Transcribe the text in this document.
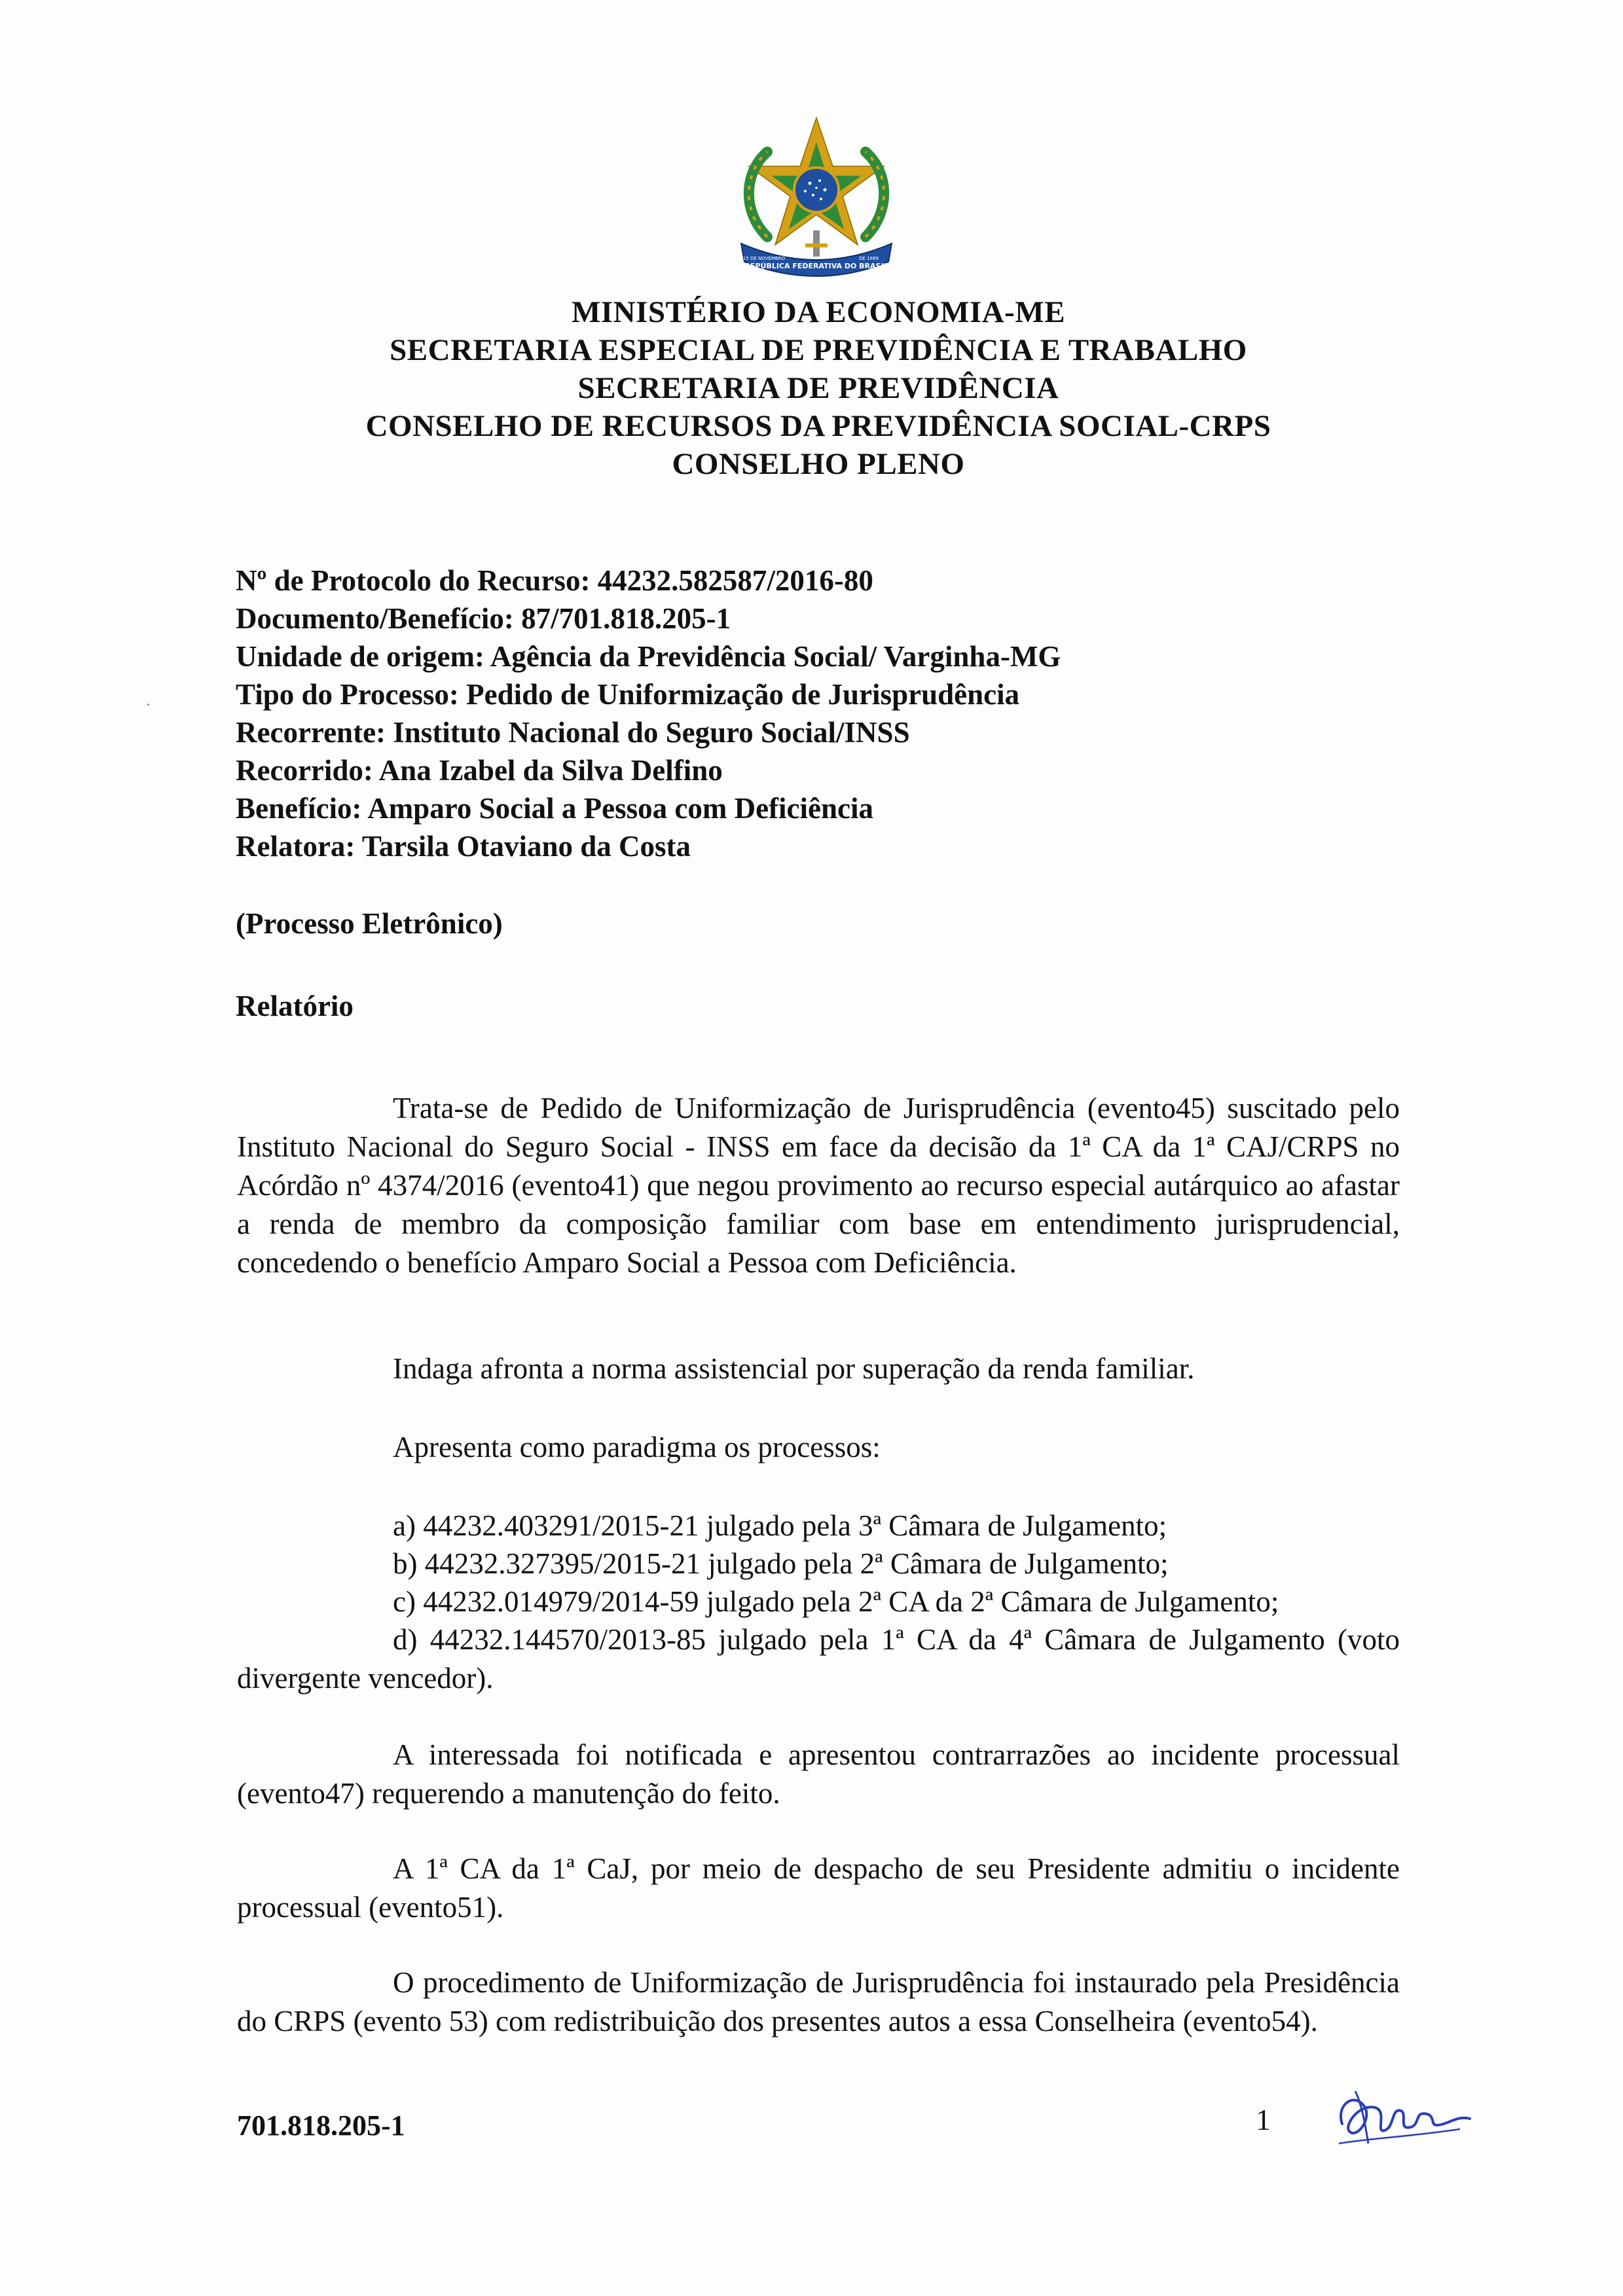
REPÚBLICA FEDERATIVA DO BRASIL
15 DE NOVEMBRO	DE 1889
MINISTÉRIO DA ECONOMIA-ME
SECRETARIA ESPECIAL DE PREVIDÊNCIA E TRABALHO
SECRETARIA DE PREVIDÊNCIA
CONSELHO DE RECURSOS DA PREVIDÊNCIA SOCIAL-CRPS
CONSELHO PLENO
Nº de Protocolo do Recurso: 44232.582587/2016-80
Documento/Benefício: 87/701.818.205-1
Unidade de origem: Agência da Previdência Social/ Varginha-MG
Tipo do Processo: Pedido de Uniformização de Jurisprudência
Recorrente: Instituto Nacional do Seguro Social/INSS
Recorrido: Ana Izabel da Silva Delfino
Benefício: Amparo Social a Pessoa com Deficiência
Relatora: Tarsila Otaviano da Costa
(Processo Eletrônico)
Relatório
Trata-se de Pedido de Uniformização de Jurisprudência (evento45) suscitado pelo Instituto Nacional do Seguro Social - INSS em face da decisão da 1ª CA da 1ª CAJ/CRPS no Acórdão nº 4374/2016 (evento41) que negou provimento ao recurso especial autárquico ao afastar a renda de membro da composição familiar com base em entendimento jurisprudencial, concedendo o benefício Amparo Social a Pessoa com Deficiência.
Indaga afronta a norma assistencial por superação da renda familiar.
Apresenta como paradigma os processos:
a) 44232.403291/2015-21 julgado pela 3ª Câmara de Julgamento;
b) 44232.327395/2015-21 julgado pela 2ª Câmara de Julgamento;
c) 44232.014979/2014-59 julgado pela 2ª CA da 2ª Câmara de Julgamento;
d) 44232.144570/2013-85 julgado pela 1ª CA da 4ª Câmara de Julgamento (voto divergente vencedor).
A interessada foi notificada e apresentou contrarrazões ao incidente processual (evento47) requerendo a manutenção do feito.
A 1ª CA da 1ª CaJ, por meio de despacho de seu Presidente admitiu o incidente processual (evento51).
O procedimento de Uniformização de Jurisprudência foi instaurado pela Presidência do CRPS (evento 53) com redistribuição dos presentes autos a essa Conselheira (evento54).
701.818.205-1	1
